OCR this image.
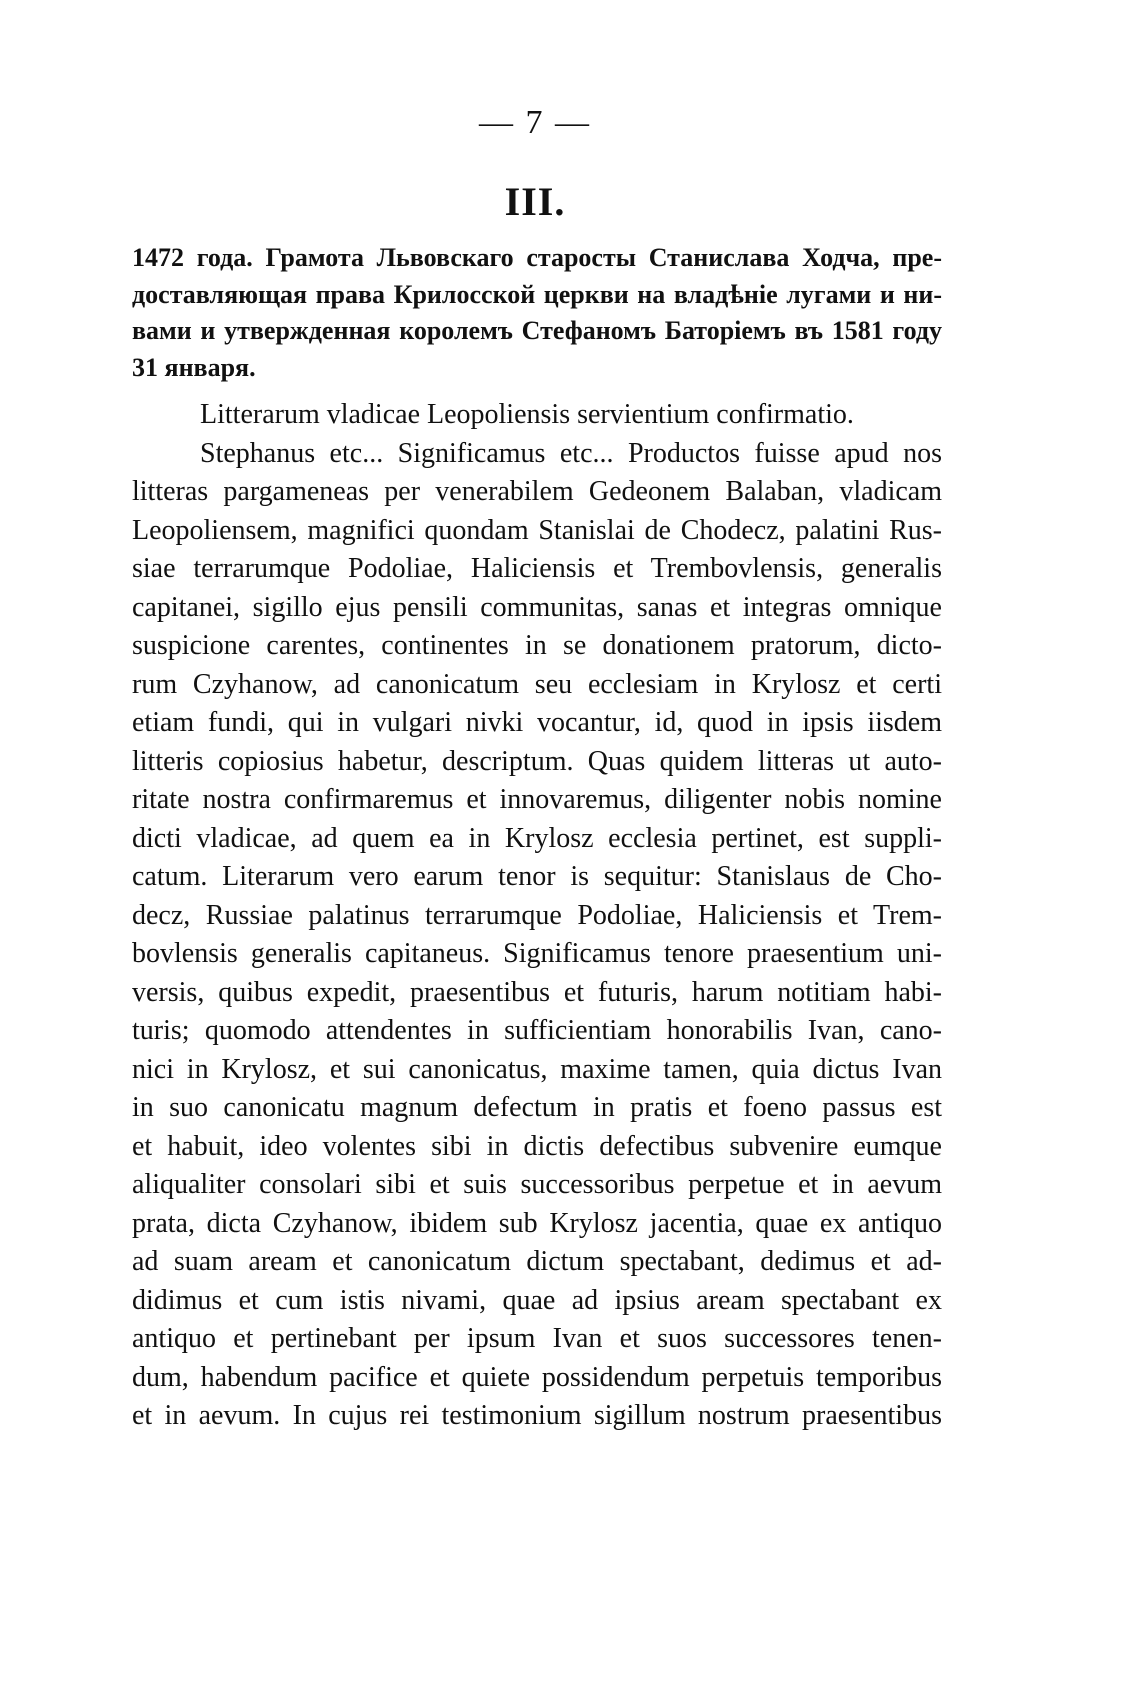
— 7 —
III.
1472 года. Грамота Львовскаго старосты Станислава Ходча, пре-
доставляющая права Крилосской церкви на владѣніе лугами и ни-
вами и утвержденная королемъ Стефаномъ Баторіемъ въ 1581 году
31 января.
Litterarum vladicae Leopoliensis servientium confirmatio.
Stephanus etc... Significamus etc... Productos fuisse apud nos
litteras pargameneas per venerabilem Gedeonem Balaban, vladicam
Leopoliensem, magnifici quondam Stanislai de Chodecz, palatini Rus-
siae terrarumque Podoliae, Haliciensis et Trembovlensis, generalis
capitanei, sigillo ejus pensili communitas, sanas et integras omnique
suspicione carentes, continentes in se donationem pratorum, dicto-
rum Czyhanow, ad canonicatum seu ecclesiam in Krylosz et certi
etiam fundi, qui in vulgari nivki vocantur, id, quod in ipsis iisdem
litteris copiosius habetur, descriptum. Quas quidem litteras ut auto-
ritate nostra confirmaremus et innovaremus, diligenter nobis nomine
dicti vladicae, ad quem ea in Krylosz ecclesia pertinet, est suppli-
catum. Literarum vero earum tenor is sequitur: Stanislaus de Cho-
decz, Russiae palatinus terrarumque Podoliae, Haliciensis et Trem-
bovlensis generalis capitaneus. Significamus tenore praesentium uni-
versis, quibus expedit, praesentibus et futuris, harum notitiam habi-
turis; quomodo attendentes in sufficientiam honorabilis Ivan, cano-
nici in Krylosz, et sui canonicatus, maxime tamen, quia dictus Ivan
in suo canonicatu magnum defectum in pratis et foeno passus est
et habuit, ideo volentes sibi in dictis defectibus subvenire eumque
aliqualiter consolari sibi et suis successoribus perpetue et in aevum
prata, dicta Czyhanow, ibidem sub Krylosz jacentia, quae ex antiquo
ad suam aream et canonicatum dictum spectabant, dedimus et ad-
didimus et cum istis nivami, quae ad ipsius aream spectabant ex
antiquo et pertinebant per ipsum Ivan et suos successores tenen-
dum, habendum pacifice et quiete possidendum perpetuis temporibus
et in aevum. In cujus rei testimonium sigillum nostrum praesentibus
